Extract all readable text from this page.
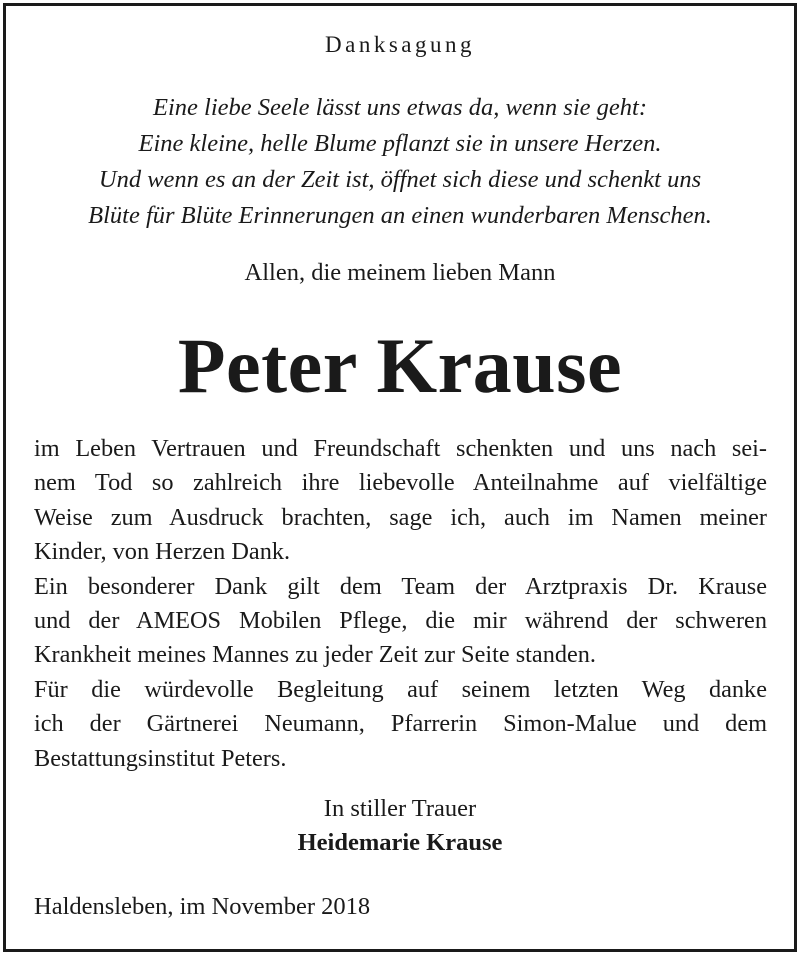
Danksagung
Eine liebe Seele lässt uns etwas da, wenn sie geht:
Eine kleine, helle Blume pflanzt sie in unsere Herzen.
Und wenn es an der Zeit ist, öffnet sich diese und schenkt uns
Blüte für Blüte Erinnerungen an einen wunderbaren Menschen.
Allen, die meinem lieben Mann
Peter Krause
im Leben Vertrauen und Freundschaft schenkten und uns nach sei-
nem Tod so zahlreich ihre liebevolle Anteilnahme auf vielfältige
Weise zum Ausdruck brachten, sage ich, auch im Namen meiner
Kinder, von Herzen Dank.
Ein besonderer Dank gilt dem Team der Arztpraxis Dr. Krause
und der AMEOS Mobilen Pflege, die mir während der schweren
Krankheit meines Mannes zu jeder Zeit zur Seite standen.
Für die würdevolle Begleitung auf seinem letzten Weg danke
ich der Gärtnerei Neumann, Pfarrerin Simon-Malue und dem
Bestattungsinstitut Peters.
In stiller Trauer
Heidemarie Krause
Haldensleben, im November 2018
